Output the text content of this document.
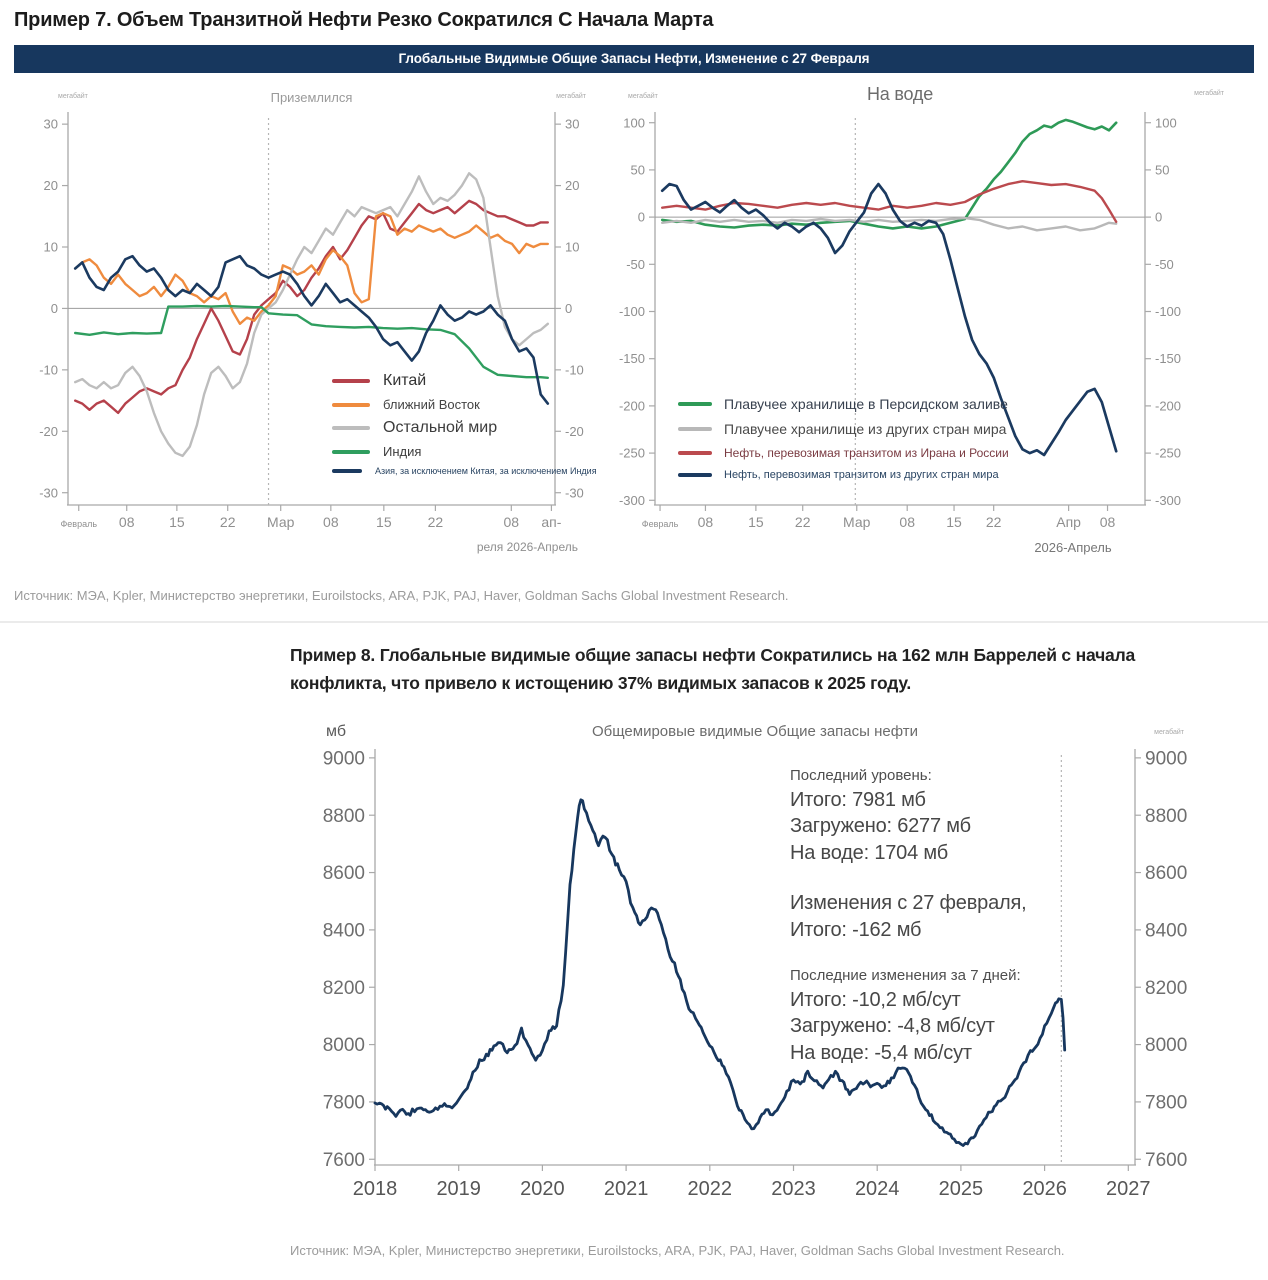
Пример 7. Объем Транзитной Нефти Резко Сократился С Начала Марта
Глобальные Видимые Общие Запасы Нефти, Изменение с 27 Февраля
30	30
20	20
10	10
0	0
-10	-10
-20	-20
-30	-30
Февраль 08 15	22 Мар 08	15	22	08 ап-
мегабайт	мегабайт
Приземлился
реля 2026-Апрель
Китай
ближний Восток
Остальной мир
Индия
Азия, за исключением Китая, за исключением Индия
100	100
50	50
0	0
-50	-50
-100	-100
-150	-150
-200	-200
-250	-250
-300	-300
Февраль 08 15 22 Мар 08 15 22	Апр 08
мегабайт	мегабайт
На воде
2026-Апрель
Плавучее хранилище в Персидском заливе
Плавучее хранилище из других стран мира
Нефть, перевозимая транзитом из Ирана и России
Нефть, перевозимая транзитом из других стран мира
Источник: МЭА, Kpler, Министерство энергетики, Euroilstocks, ARA, PJK, PAJ, Haver, Goldman Sachs Global Investment Research.
Пример 8. Глобальные видимые общие запасы нефти Сократились на 162 млн Баррелей с начала конфликта, что привело к истощению 37% видимых запасов к 2025 году.
9000	9000
8800	8800
8600	8600
8400	8400
8200	8200
8000	8000
7800	7800
7600	7600
2018 2019 2020 2021 2022 2023 2024 2025 2026 2027
мб	мегабайт
Общемировые видимые Общие запасы нефти
Последний уровень:
Итого: 7981 мб
Загружено: 6277 мб
На воде: 1704 мб
Изменения с 27 февраля,
Итого: -162 мб
Последние изменения за 7 дней:
Итого: -10,2 мб/сут
Загружено: -4,8 мб/сут
На воде: -5,4 мб/сут
Источник: МЭА, Kpler, Министерство энергетики, Euroilstocks, ARA, PJK, PAJ, Haver, Goldman Sachs Global Investment Research.
